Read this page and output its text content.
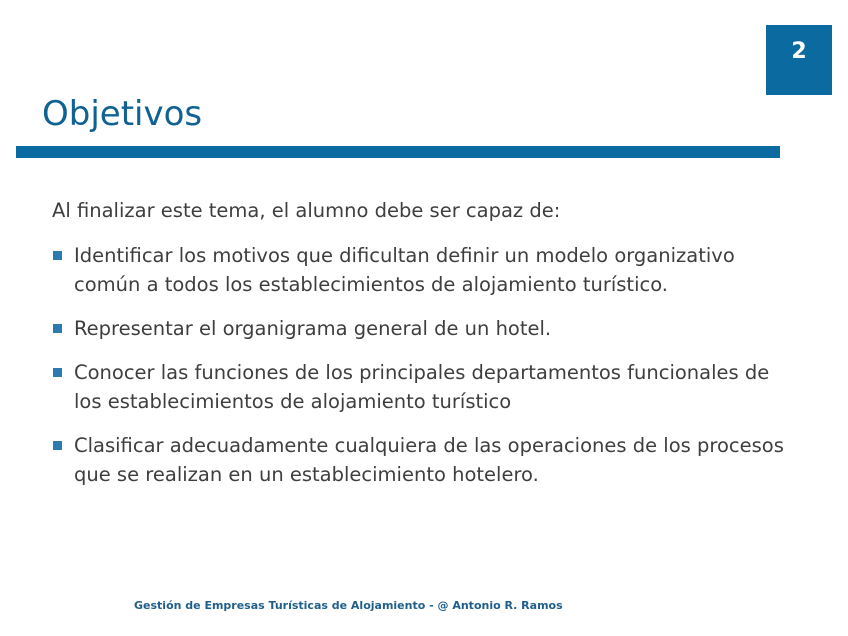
2
Objetivos

Al finalizar este tema, el alumno debe ser capaz de:

Identificar los motivos que dificultan definir un modelo organizativo común a todos los establecimientos de alojamiento turístico.
Representar el organigrama general de un hotel.
Conocer las funciones de los principales departamentos funcionales de los establecimientos de alojamiento turístico
Clasificar adecuadamente cualquiera de las operaciones de los procesos que se realizan en un establecimiento hotelero.

Gestión de Empresas Turísticas de Alojamiento - @ Antonio R. Ramos
